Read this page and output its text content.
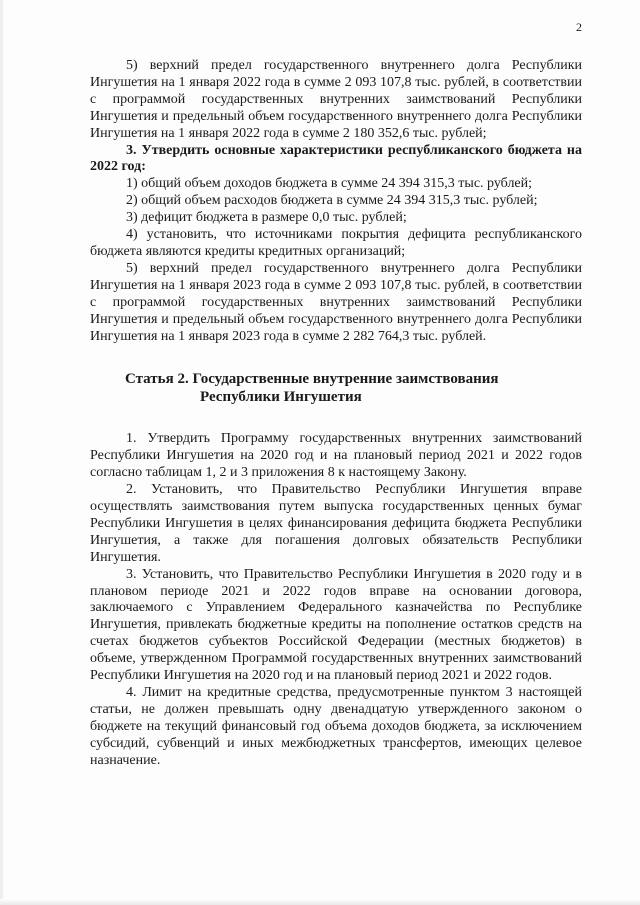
2

5) верхний предел государственного внутреннего долга Республики Ингушетия на 1 января 2022 года в сумме 2 093 107,8 тыс. рублей, в соответствии с программой государственных внутренних заимствований Республики Ингушетия и предельный объем государственного внутреннего долга Республики Ингушетия на 1 января 2022 года в сумме 2 180 352,6 тыс. рублей;

3. Утвердить основные характеристики республиканского бюджета на 2022 год:

1) общий объем доходов бюджета в сумме 24 394 315,3 тыс. рублей;

2) общий объем расходов бюджета в сумме 24 394 315,3 тыс. рублей;

3) дефицит бюджета в размере 0,0 тыс. рублей;

4) установить, что источниками покрытия дефицита республиканского бюджета являются кредиты кредитных организаций;

5) верхний предел государственного внутреннего долга Республики Ингушетия на 1 января 2023 года в сумме 2 093 107,8 тыс. рублей, в соответствии с программой государственных внутренних заимствований Республики Ингушетия и предельный объем государственного внутреннего долга Республики Ингушетия на 1 января 2023 года в сумме 2 282 764,3 тыс. рублей.

Статья 2. Государственные внутренние заимствования
Республики Ингушетия

1. Утвердить Программу государственных внутренних заимствований Республики Ингушетия на 2020 год и на плановый период 2021 и 2022 годов согласно таблицам 1, 2 и 3 приложения 8 к настоящему Закону.

2. Установить, что Правительство Республики Ингушетия вправе осуществлять заимствования путем выпуска государственных ценных бумаг Республики Ингушетия в целях финансирования дефицита бюджета Республики Ингушетия, а также для погашения долговых обязательств Республики Ингушетия.

3. Установить, что Правительство Республики Ингушетия в 2020 году и в плановом периоде 2021 и 2022 годов вправе на основании договора, заключаемого с Управлением Федерального казначейства по Республике Ингушетия, привлекать бюджетные кредиты на пополнение остатков средств на счетах бюджетов субъектов Российской Федерации (местных бюджетов) в объеме, утвержденном Программой государственных внутренних заимствований Республики Ингушетия на 2020 год и на плановый период 2021 и 2022 годов.

4. Лимит на кредитные средства, предусмотренные пунктом 3 настоящей статьи, не должен превышать одну двенадцатую утвержденного законом о бюджете на текущий финансовый год объема доходов бюджета, за исключением субсидий, субвенций и иных межбюджетных трансфертов, имеющих целевое назначение.
